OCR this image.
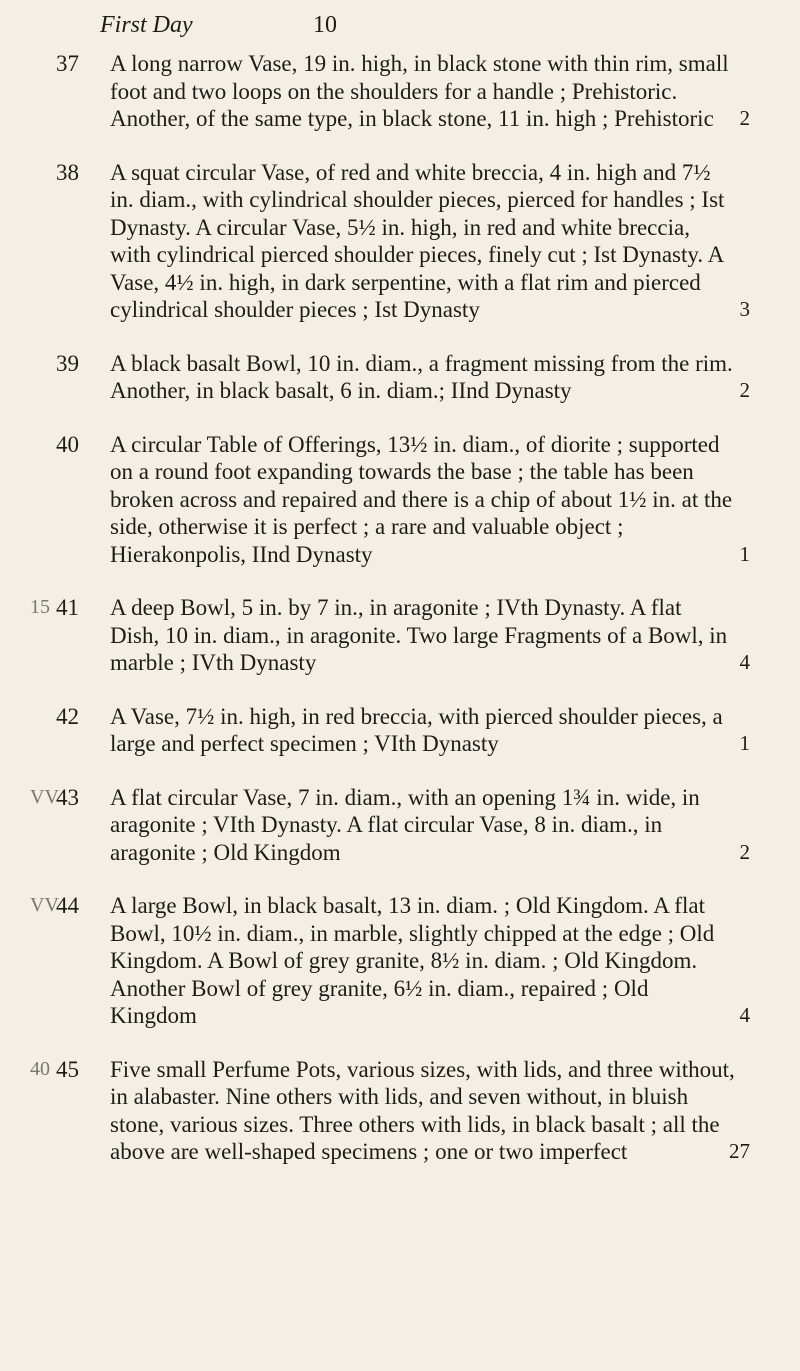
First Day	10
37	A long narrow Vase, 19 in. high, in black stone with thin rim, small foot and two loops on the shoulders for a handle ; Prehistoric. Another, of the same type, in black stone, 11 in. high ; Prehistoric	2
38	A squat circular Vase, of red and white breccia, 4 in. high and 7½ in. diam., with cylindrical shoulder pieces, pierced for handles ; Ist Dynasty. A circular Vase, 5½ in. high, in red and white breccia, with cylindrical pierced shoulder pieces, finely cut ; Ist Dynasty. A Vase, 4½ in. high, in dark serpentine, with a flat rim and pierced cylindrical shoulder pieces ; Ist Dynasty	3
39	A black basalt Bowl, 10 in. diam., a fragment missing from the rim. Another, in black basalt, 6 in. diam.; IInd Dynasty	2
40	A circular Table of Offerings, 13½ in. diam., of diorite ; supported on a round foot expanding towards the base ; the table has been broken across and repaired and there is a chip of about 1½ in. at the side, otherwise it is perfect ; a rare and valuable object ; Hierakonpolis, IInd Dynasty	1
15 41	A deep Bowl, 5 in. by 7 in., in aragonite ; IVth Dynasty. A flat Dish, 10 in. diam., in aragonite. Two large Fragments of a Bowl, in marble ; IVth Dynasty	4
42	A Vase, 7½ in. high, in red breccia, with pierced shoulder pieces, a large and perfect specimen ; VIth Dynasty	1
VV
43	A flat circular Vase, 7 in. diam., with an opening 1¾ in. wide, in aragonite ; VIth Dynasty. A flat circular Vase, 8 in. diam., in aragonite ; Old Kingdom	2
VV
44	A large Bowl, in black basalt, 13 in. diam. ; Old Kingdom. A flat Bowl, 10½ in. diam., in marble, slightly chipped at the edge ; Old Kingdom. A Bowl of grey granite, 8½ in. diam. ; Old Kingdom. Another Bowl of grey granite, 6½ in. diam., repaired ; Old Kingdom	4
40 45	Five small Perfume Pots, various sizes, with lids, and three without, in alabaster. Nine others with lids, and seven without, in bluish stone, various sizes. Three others with lids, in black basalt ; all the above are well-shaped specimens ; one or two imperfect	27
